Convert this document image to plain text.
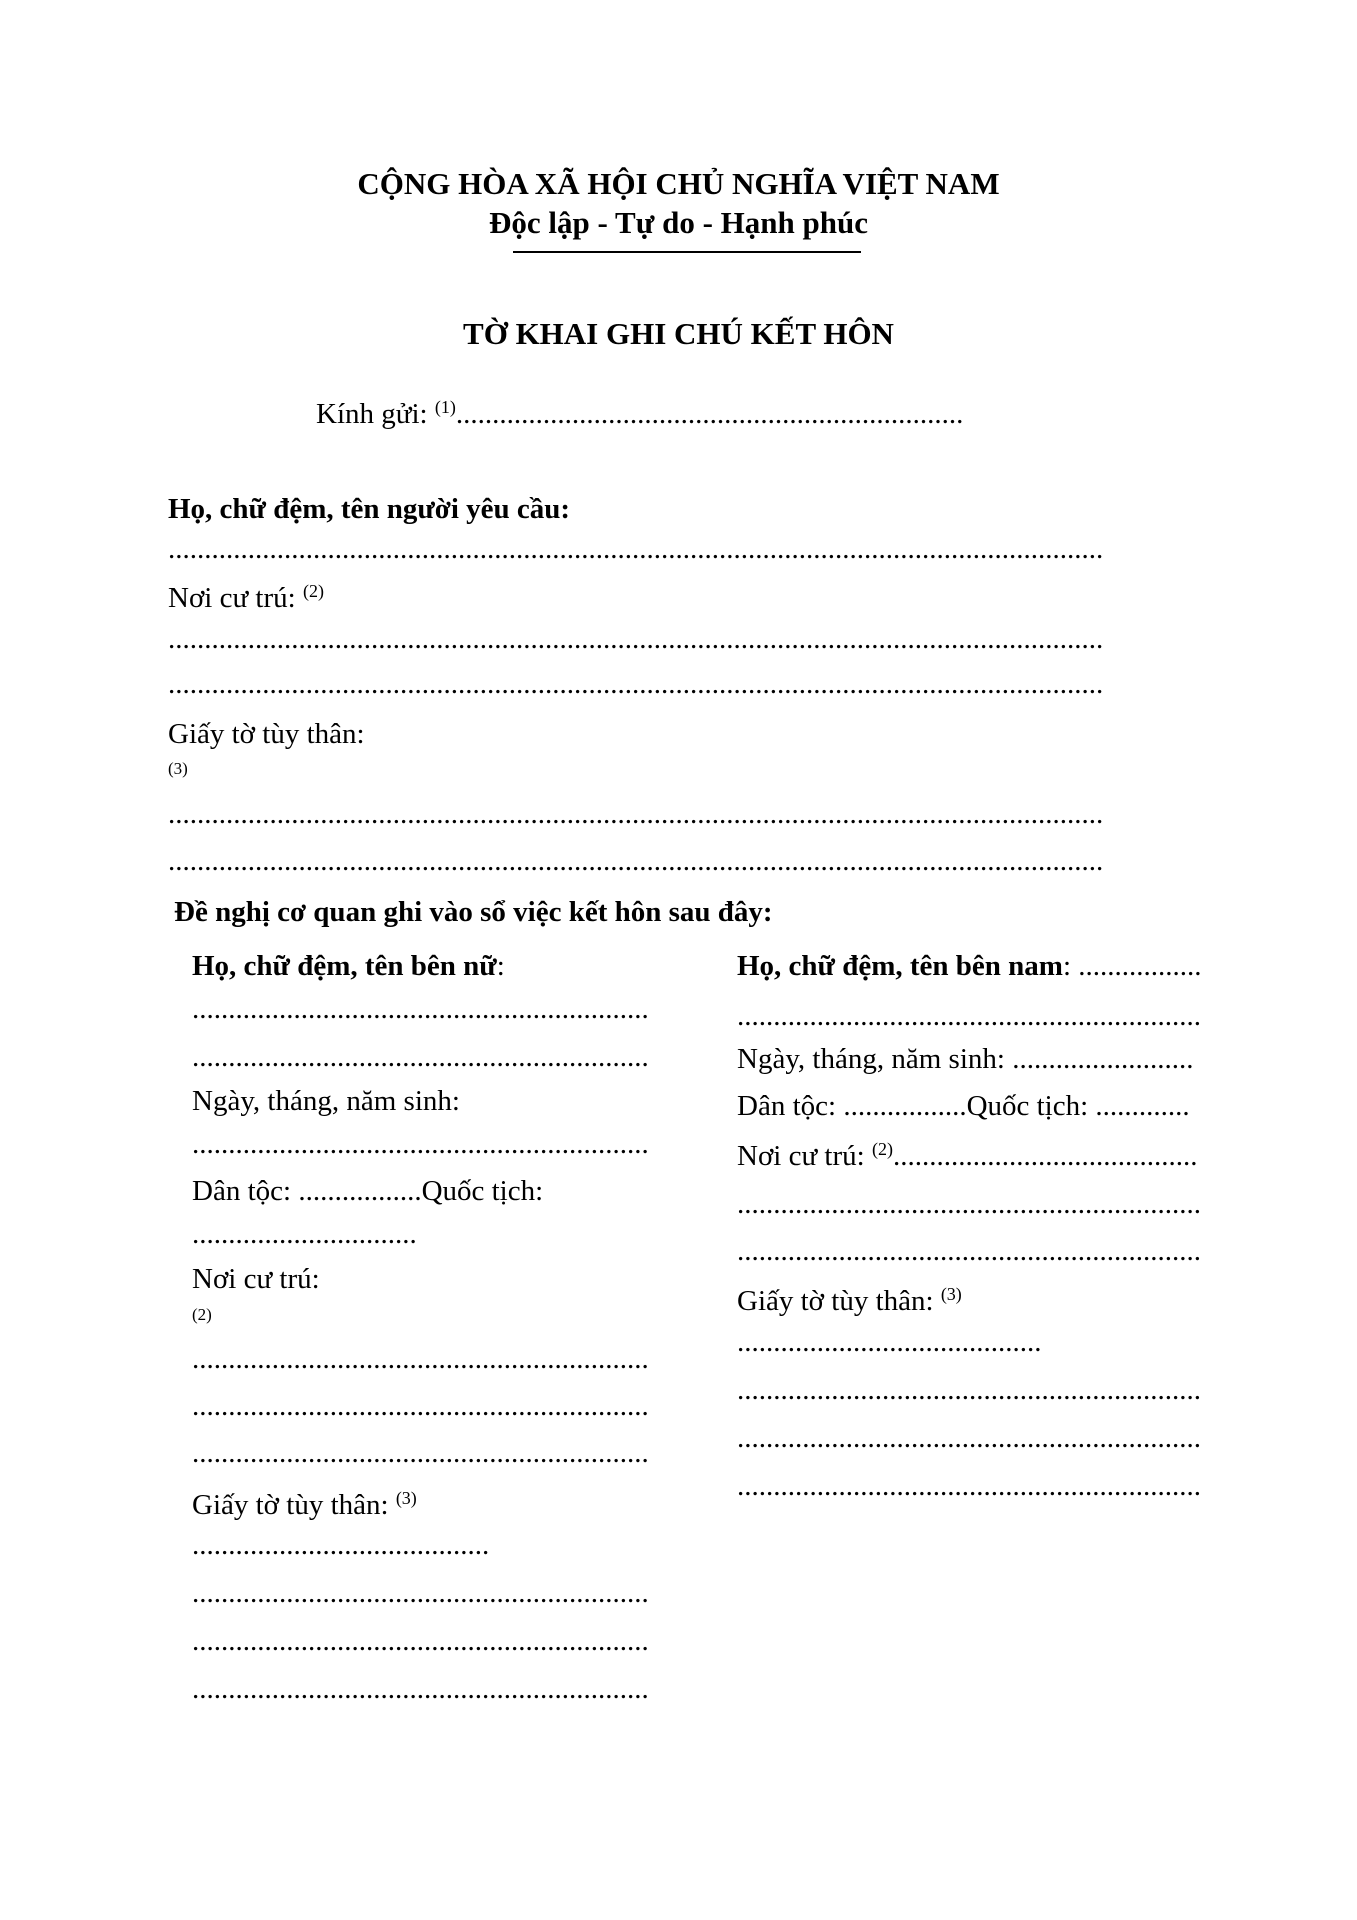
CỘNG HÒA XÃ HỘI CHỦ NGHĨA VIỆT NAM
Độc lập - Tự do - Hạnh phúc
TỜ KHAI GHI CHÚ KẾT HÔN
Kính gửi: $^{(1)}$......................................................................
Họ, chữ đệm, tên người yêu cầu:
.................................................................................................................................
Nơi cư trú: $^{(2)}$
.................................................................................................................................
.................................................................................................................................
Giấy tờ tùy thân:
(3)
.................................................................................................................................
.................................................................................................................................
Đề nghị cơ quan ghi vào sổ việc kết hôn sau đây:
Họ, chữ đệm, tên bên nữ:
...............................................................
...............................................................
Ngày, tháng, năm sinh:
...............................................................
Dân tộc: .................Quốc tịch:
...............................
Nơi cư trú:
(2)
...............................................................
...............................................................
...............................................................
Giấy tờ tùy thân: $^{(3)}$
.........................................
...............................................................
...............................................................
...............................................................
Họ, chữ đệm, tên bên nam: .................
................................................................
Ngày, tháng, năm sinh: .........................
Dân tộc: .................Quốc tịch: .............
Nơi cư trú: $^{(2)}$..........................................
................................................................
................................................................
Giấy tờ tùy thân: $^{(3)}$
..........................................
................................................................
................................................................
................................................................
